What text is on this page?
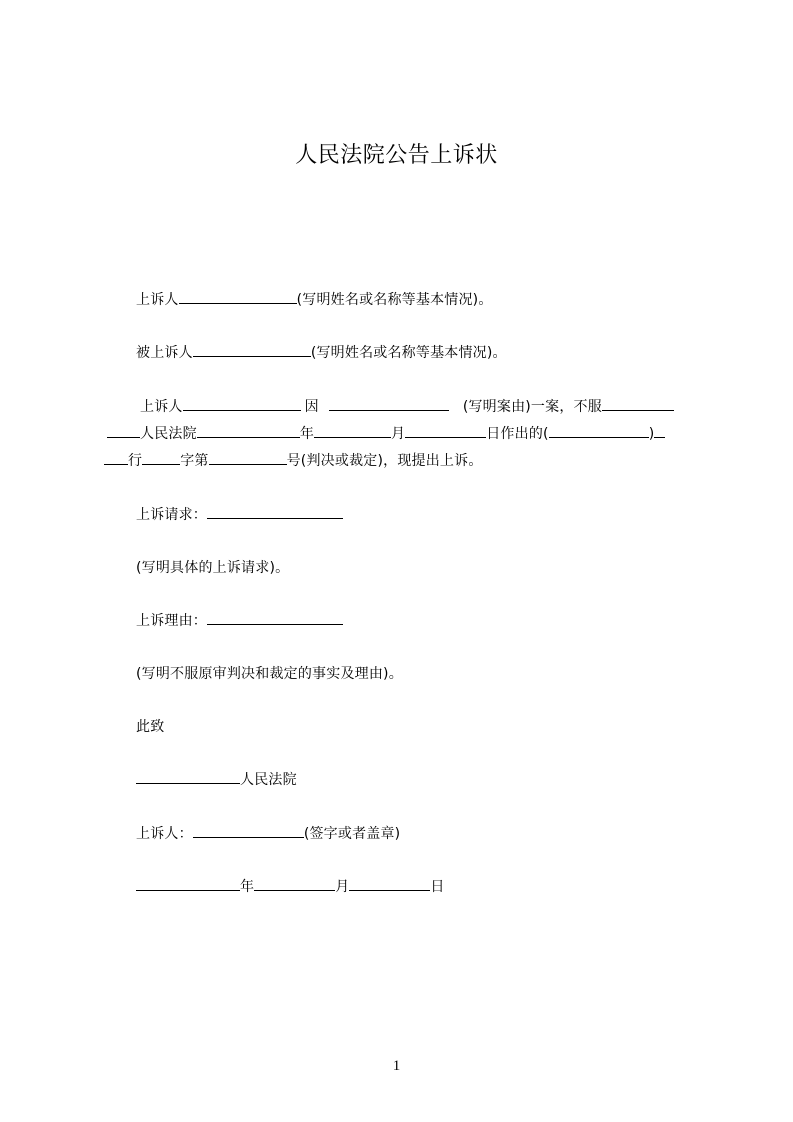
人民法院公告上诉状
上诉人	(写明姓名或名称等基本情况)。
被上诉人	(写明姓名或名称等基本情况)。
上诉人	因	(写明案由)一案，不服
人民法院	年	月	日作出的(	)
行	字第	号(判决或裁定)，现提出上诉。
上诉请求：
(写明具体的上诉请求)。
上诉理由：
(写明不服原审判决和裁定的事实及理由)。
此致
人民法院
上诉人：	(签字或者盖章)
年	月	日
1
